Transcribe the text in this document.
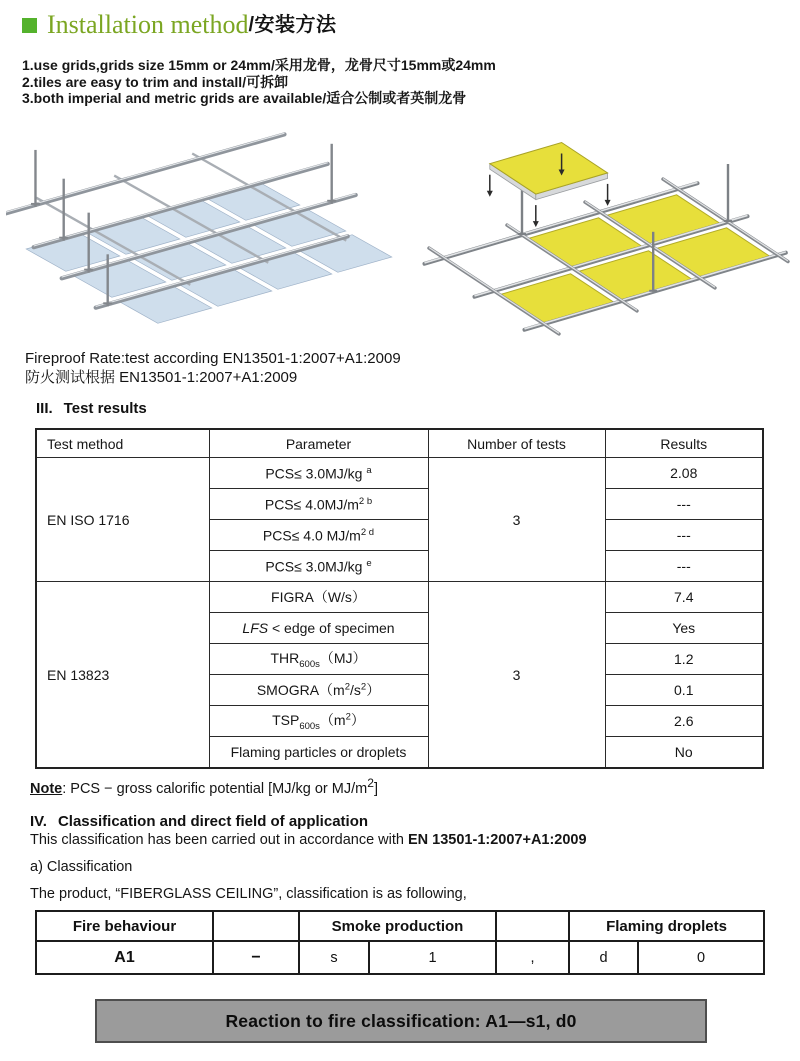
Installation method /安装方法
1.use grids,grids size 15mm or 24mm/采用龙骨，龙骨尺寸15mm或24mm
2.tiles are easy to trim and install/可拆卸
3.both imperial and metric grids are available/适合公制或者英制龙骨
Fireproof Rate:test according EN13501-1:2007+A1:2009
防火测试根据 EN13501-1:2007+A1:2009
III. Test results
Test method	Parameter	Number of tests	Results
EN ISO 1716	PCS≤ 3.0MJ/kg $^a$	3	2.08
	$PCS\le 4.0MJ/m^{2 b}$		---
	PCS≤ 4.0 $MJ/m^{2 d}$		---
	PCS≤ 3.0MJ/kg $^e$		---
EN 13823	FIGRA（W/s）	3	7.4
	LFS < edge of specimen		Yes
	$THR_{600s}(MJ)$		1.2
	$SMOGRA(m^2/s^2)$		0.1
	$TSP_{600s}(m^2)$		2.6
	Flaming particles or droplets		No
Note: PCS − gross calorific potential [MJ/kg or $MJ/m^2$]
IV. Classification and direct field of application
This classification has been carried out in accordance with EN 13501-1:2007+A1:2009
a) Classification
The product, “FIBERGLASS CEILING”, classification is as following,
Fire behaviour		Smoke production			Flaming droplets	
A1	−	s	1	,	d	0
Reaction to fire classification: A1—s1, d0
